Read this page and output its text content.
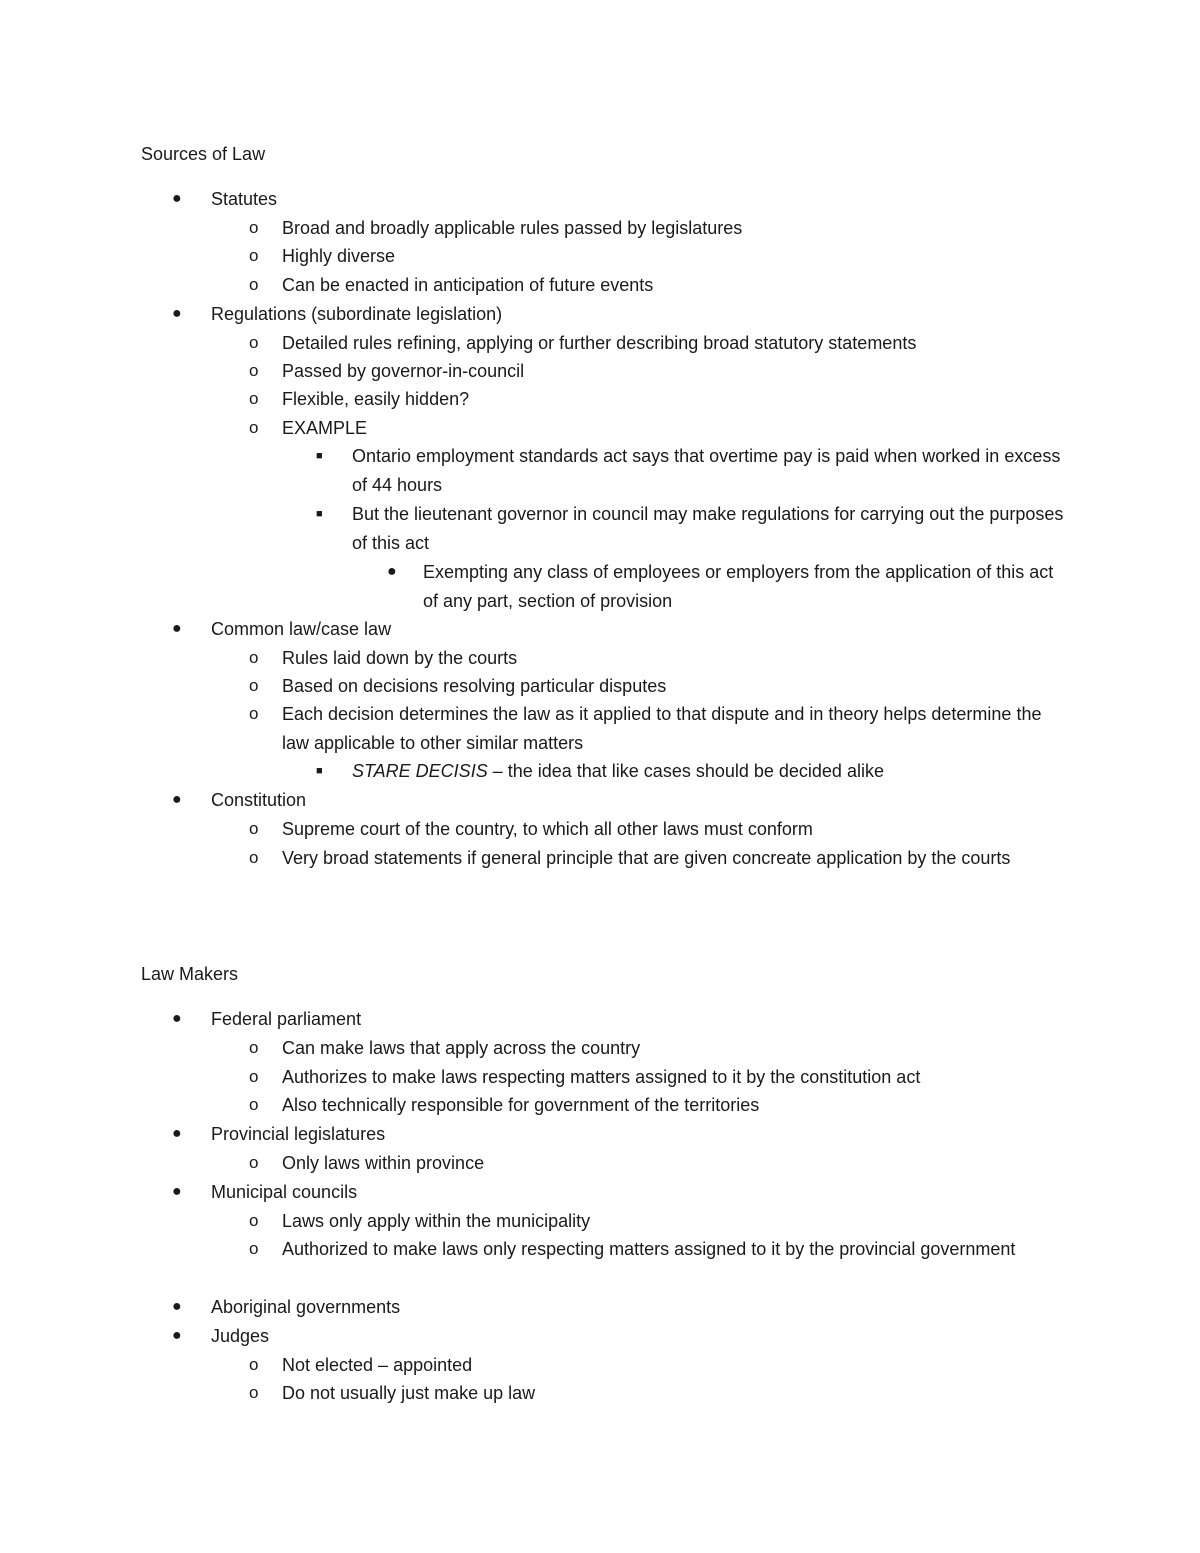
Sources of Law
● Statutes
o Broad and broadly applicable rules passed by legislatures
o Highly diverse
o Can be enacted in anticipation of future events
● Regulations (subordinate legislation)
o Detailed rules refining, applying or further describing broad statutory statements
o Passed by governor-in-council
o Flexible, easily hidden?
o EXAMPLE
■ Ontario employment standards act says that overtime pay is paid when worked in excess of 44 hours
■ But the lieutenant governor in council may make regulations for carrying out the purposes of this act
● Exempting any class of employees or employers from the application of this act of any part, section of provision
● Common law/case law
o Rules laid down by the courts
o Based on decisions resolving particular disputes
o Each decision determines the law as it applied to that dispute and in theory helps determine the law applicable to other similar matters
■ STARE DECISIS – the idea that like cases should be decided alike
● Constitution
o Supreme court of the country, to which all other laws must conform
o Very broad statements if general principle that are given concreate application by the courts
Law Makers
● Federal parliament
o Can make laws that apply across the country
o Authorizes to make laws respecting matters assigned to it by the constitution act
o Also technically responsible for government of the territories
● Provincial legislatures
o Only laws within province
● Municipal councils
o Laws only apply within the municipality
o Authorized to make laws only respecting matters assigned to it by the provincial government
● Aboriginal governments
● Judges
o Not elected – appointed
o Do not usually just make up law
